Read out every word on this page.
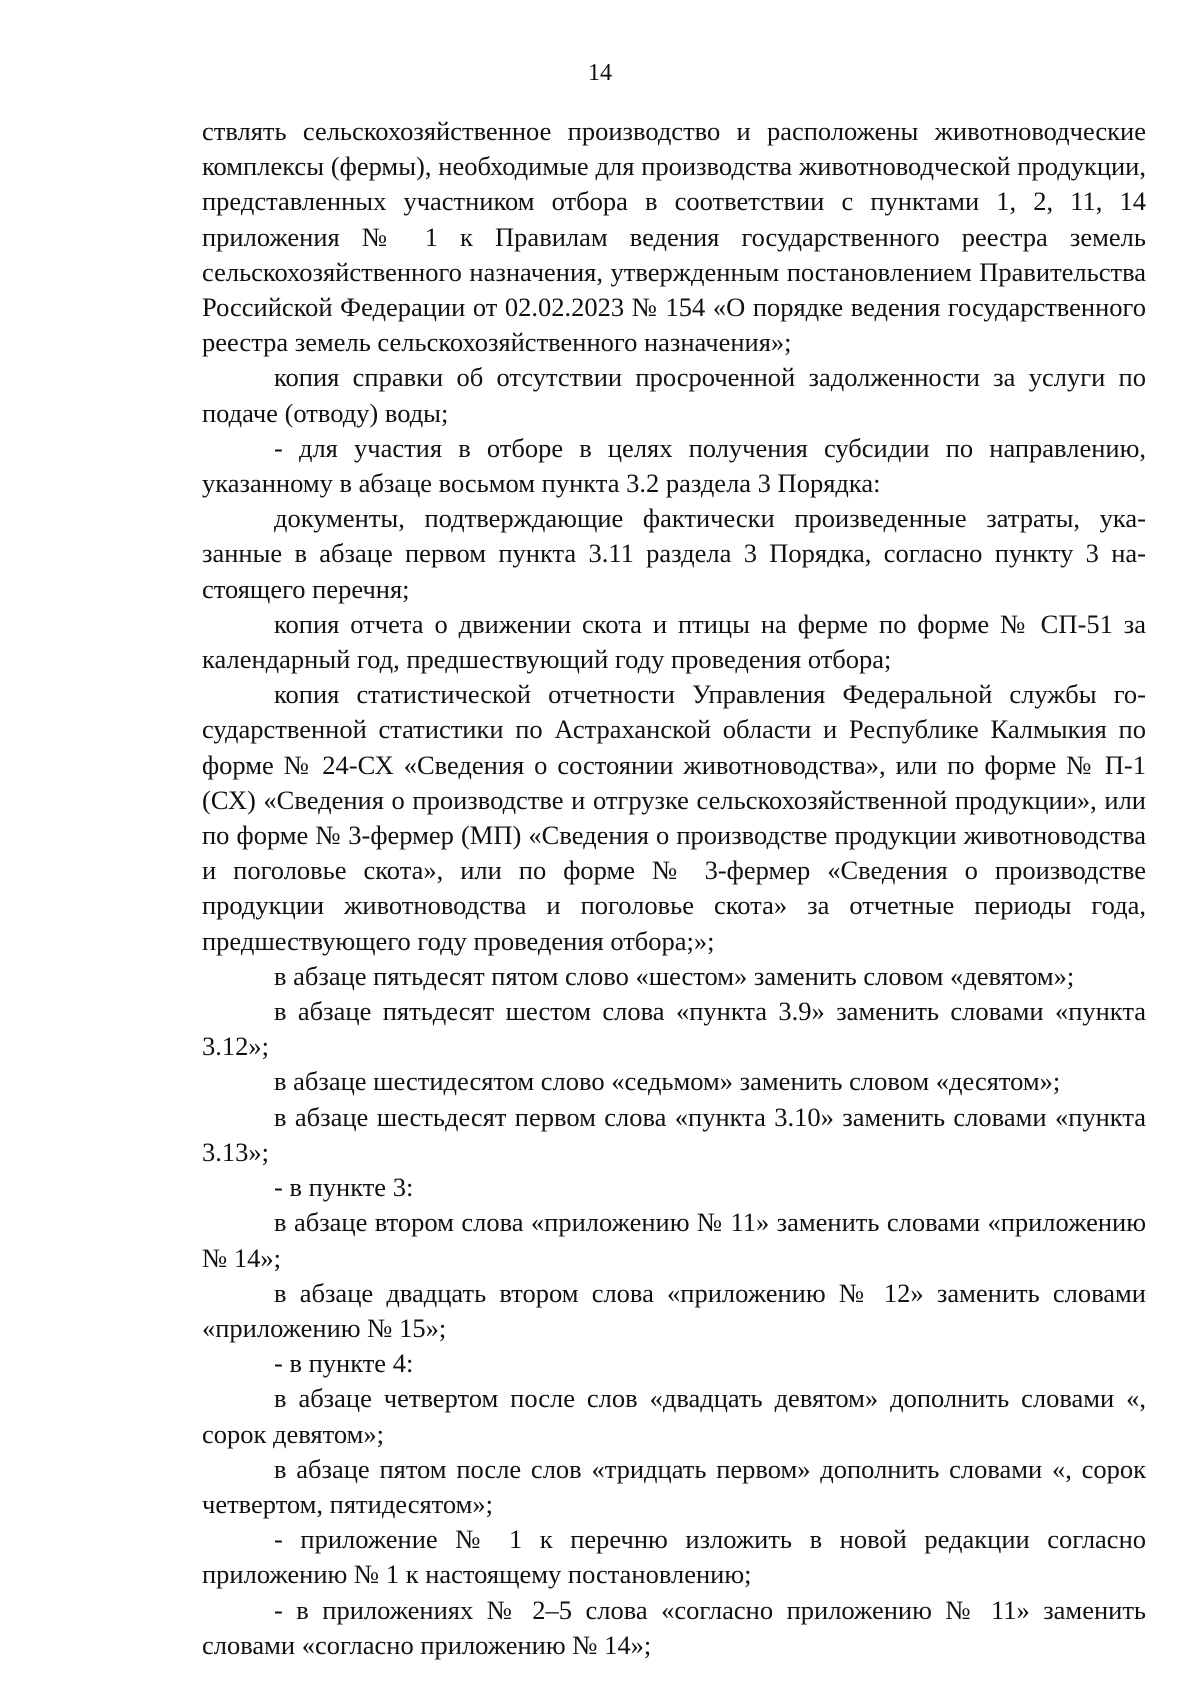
14

ствлять сельскохозяйственное производство и расположены животноводческие комплексы (фермы), необходимые для производства животноводческой продукции, представленных участником отбора в соответствии с пунктами 1, 2, 11, 14 приложения № 1 к Правилам ведения государственного реестра земель сельскохозяйственного назначения, утвержденным постановлением Правительства Российской Федерации от 02.02.2023 № 154 «О порядке ведения государственного реестра земель сельскохозяйственного назначения»;

копия справки об отсутствии просроченной задолженности за услуги по подаче (отводу) воды;

- для участия в отборе в целях получения субсидии по направлению, указанному в абзаце восьмом пункта 3.2 раздела 3 Порядка:

документы, подтверждающие фактически произведенные затраты, указанные в абзаце первом пункта 3.11 раздела 3 Порядка, согласно пункту 3 настоящего перечня;

копия отчета о движении скота и птицы на ферме по форме № СП-51 за календарный год, предшествующий году проведения отбора;

копия статистической отчетности Управления Федеральной службы государственной статистики по Астраханской области и Республике Калмыкия по форме № 24-СХ «Сведения о состоянии животноводства», или по форме № П-1 (СХ) «Сведения о производстве и отгрузке сельскохозяйственной продукции», или по форме № 3-фермер (МП) «Сведения о производстве продукции животноводства и поголовье скота», или по форме № 3-фермер «Сведения о производстве продукции животноводства и поголовье скота» за отчетные периоды года, предшествующего году проведения отбора;»;

в абзаце пятьдесят пятом слово «шестом» заменить словом «девятом»;

в абзаце пятьдесят шестом слова «пункта 3.9» заменить словами «пункта 3.12»;

в абзаце шестидесятом слово «седьмом» заменить словом «десятом»;

в абзаце шестьдесят первом слова «пункта 3.10» заменить словами «пункта 3.13»;

- в пункте 3:

в абзаце втором слова «приложению № 11» заменить словами «приложению № 14»;

в абзаце двадцать втором слова «приложению № 12» заменить словами «приложению № 15»;

- в пункте 4:

в абзаце четвертом после слов «двадцать девятом» дополнить словами «, сорок девятом»;

в абзаце пятом после слов «тридцать первом» дополнить словами «, сорок четвертом, пятидесятом»;

- приложение № 1 к перечню изложить в новой редакции согласно приложению № 1 к настоящему постановлению;

- в приложениях № 2–5 слова «согласно приложению № 11» заменить словами «согласно приложению № 14»;
